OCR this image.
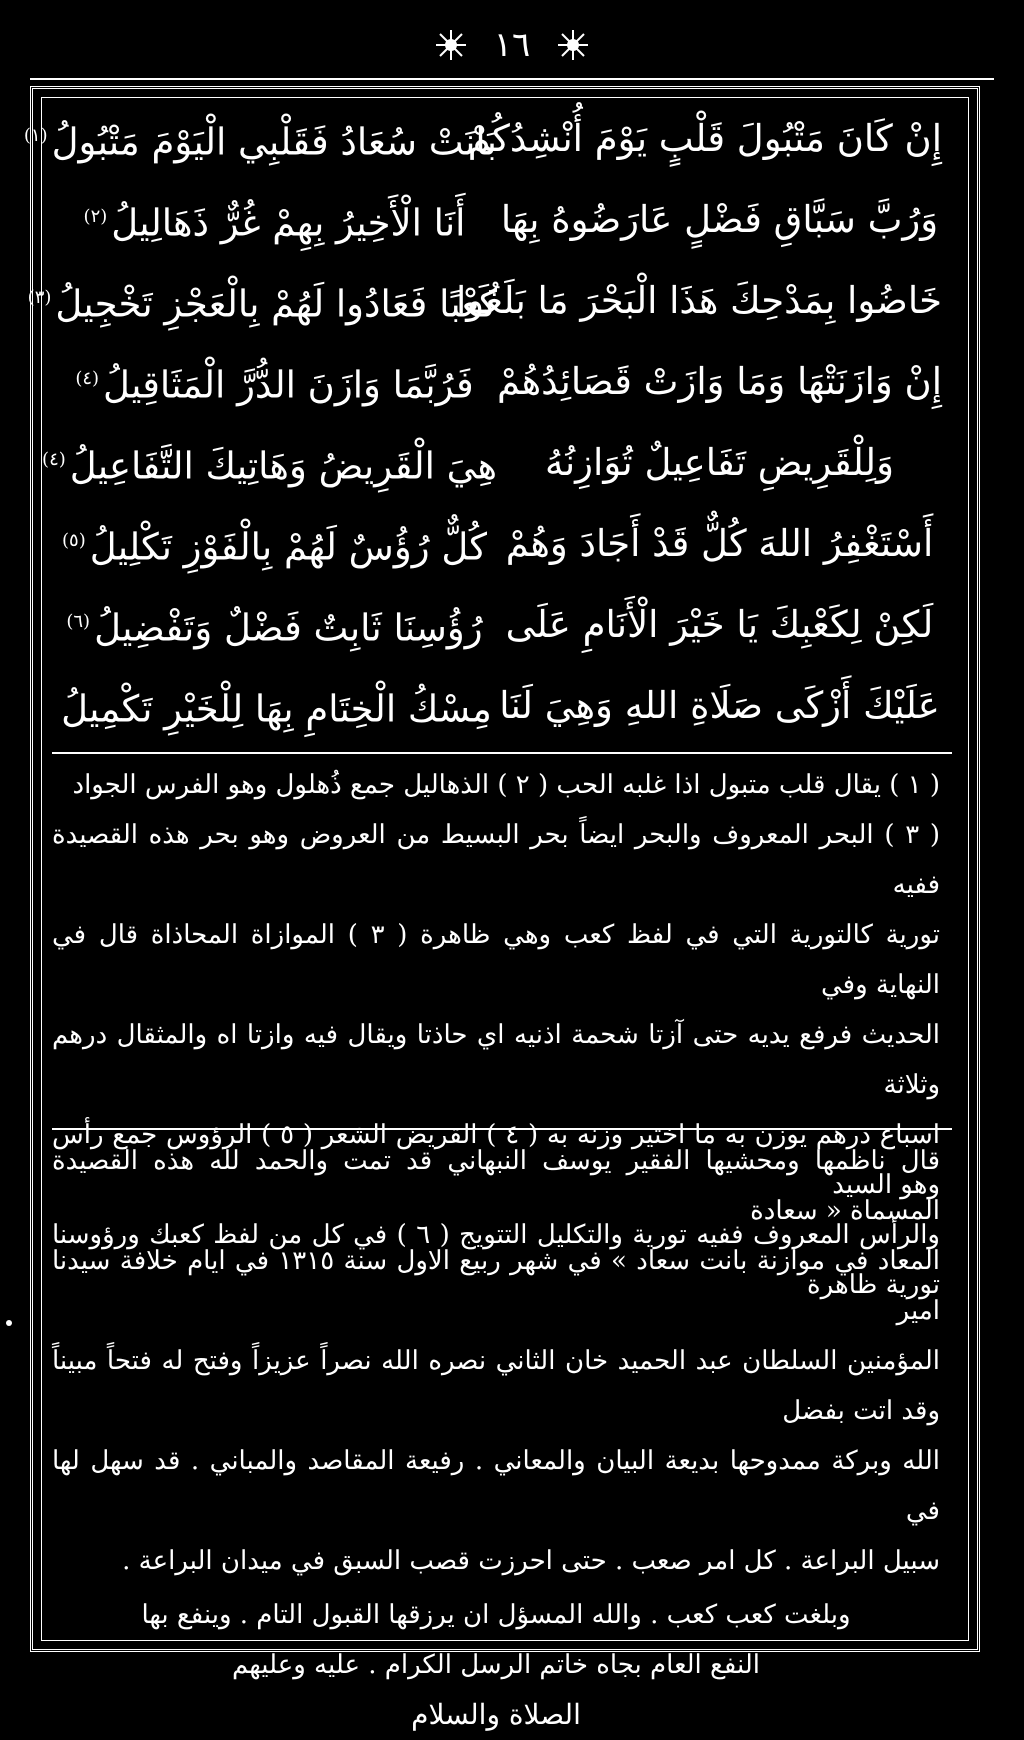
١٦
إِنْ كَانَ مَتْبُولَ قَلْبٍ يَوْمَ أُنْشِدُكُمْ
بَانَتْ سُعَادُ فَقَلْبِي الْيَوْمَ مَتْبُولُ$^{(١)}$
وَرُبَّ سَبَّاقِ فَضْلٍ عَارَضُوهُ بِهَا
أَنَا الْأَخِيرُ بِهِمْ غُرٌّ ذَهَالِيلُ$^{(٢)}$
خَاضُوا بِمَدْحِكَ هَذَا الْبَحْرَ مَا بَلَغُوا
كَعْبًا فَعَادُوا لَهُمْ بِالْعَجْزِ تَخْجِيلُ$^{(٣)}$
إِنْ وَازَنَتْهَا وَمَا وَازَتْ قَصَائِدُهُمْ
فَرُبَّمَا وَازَنَ الدُّرَّ الْمَثَاقِيلُ$^{(٤)}$
وَلِلْقَرِيضِ تَفَاعِيلٌ تُوَازِنُهُ
هِيَ الْقَرِيضُ وَهَاتِيكَ التَّفَاعِيلُ$^{(٤)}$
أَسْتَغْفِرُ اللهَ كُلٌّ قَدْ أَجَادَ وَهُمْ
كُلٌّ رُؤُسٌ لَهُمْ بِالْفَوْزِ تَكْلِيلُ$^{(٥)}$
لَكِنْ لِكَعْبِكَ يَا خَيْرَ الْأَنَامِ عَلَى
رُؤُسِنَا ثَابِتٌ فَضْلٌ وَتَفْضِيلُ$^{(٦)}$
عَلَيْكَ أَزْكَى صَلَاةِ اللهِ وَهِيَ لَنَا
مِسْكُ الْخِتَامِ بِهَا لِلْخَيْرِ تَكْمِيلُ

( ١ ) يقال قلب متبول اذا غلبه الحب ( ٢ ) الذهاليل جمع ذُهلول وهو الفرس الجواد

( ٣ ) البحر المعروف والبحر ايضاً بحر البسيط من العروض وهو بحر هذه القصيدة ففيه

تورية كالتورية التي في لفظ كعب وهي ظاهرة ( ٣ ) الموازاة المحاذاة قال في النهاية وفي

الحديث فرفع يديه حتى آزتا شحمة اذنيه اي حاذتا ويقال فيه وازتا اه والمثقال درهم وثلاثة

اسباع درهم يوزن به ما اختير وزنه به ( ٤ ) القريض الشعر ( ٥ ) الرؤوس جمع رأس وهو السيد

والرأس المعروف ففيه تورية والتكليل التتويج ( ٦ ) في كل من لفظ كعبك ورؤوسنا تورية ظاهرة

قال ناظمها ومحشيها الفقير يوسف النبهاني قد تمت والحمد لله هذه القصيدة المسماة « سعادة

المعاد في موازنة بانت سعاد » في شهر ربيع الاول سنة ١٣١٥ في ايام خلافة سيدنا امير

المؤمنين السلطان عبد الحميد خان الثاني نصره الله نصراً عزيزاً وفتح له فتحاً مبيناً وقد اتت بفضل

الله وبركة ممدوحها بديعة البيان والمعاني . رفيعة المقاصد والمباني . قد سهل لها في

سبيل البراعة . كل امر صعب . حتى احرزت قصب السبق في ميدان البراعة .

وبلغت كعب كعب . والله المسؤل ان يرزقها القبول التام . وينفع بها

النفع العام بجاه خاتم الرسل الكرام . عليه وعليهم

الصلاة والسلام
